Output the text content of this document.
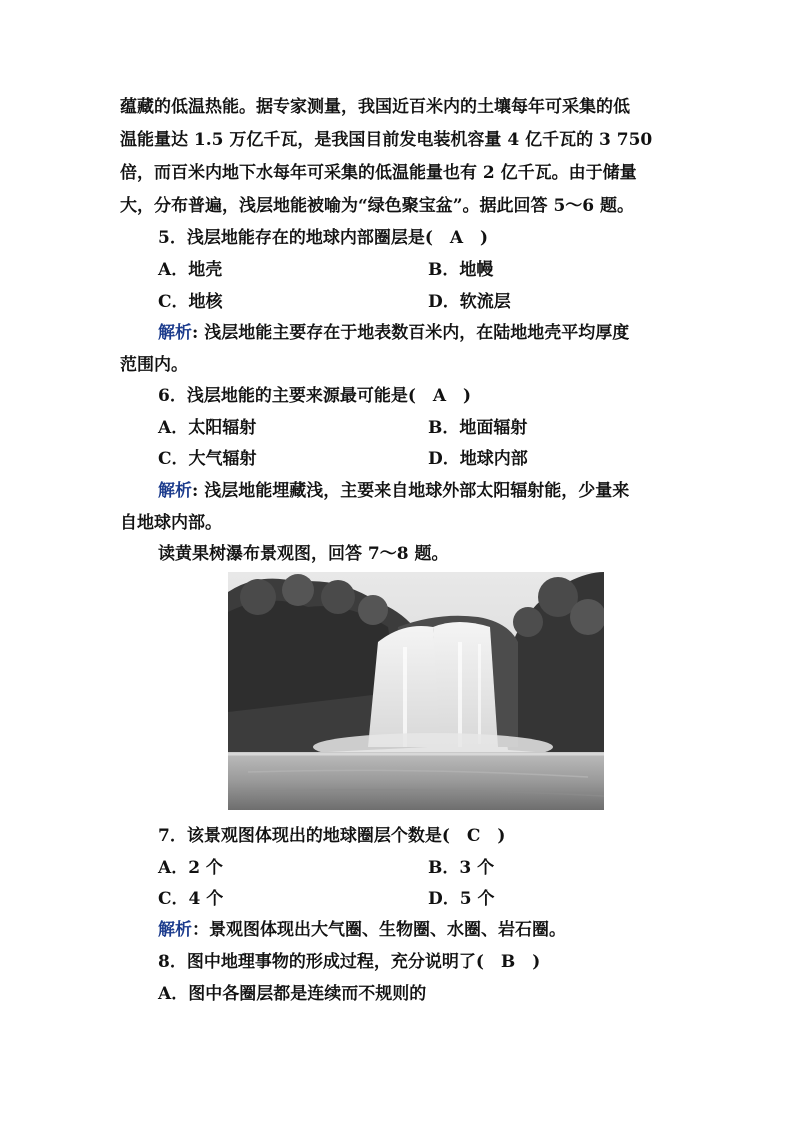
蕴藏的低温热能。据专家测量，我国近百米内的土壤每年可采集的低
温能量达 1.5 万亿千瓦，是我国目前发电装机容量 4 亿千瓦的 3 750
倍，而百米内地下水每年可采集的低温能量也有 2 亿千瓦。由于储量
大，分布普遍，浅层地能被喻为“绿色聚宝盆”。据此回答 5～6 题。
5．浅层地能存在的地球内部圈层是(　A　)
A．地壳	B．地幔
C．地核	D．软流层
解析: 浅层地能主要存在于地表数百米内，在陆地地壳平均厚度
范围内。
6．浅层地能的主要来源最可能是(　A　)
A．太阳辐射	B．地面辐射
C．大气辐射	D．地球内部
解析: 浅层地能埋藏浅，主要来自地球外部太阳辐射能，少量来
自地球内部。
读黄果树瀑布景观图，回答 7～8 题。
7．该景观图体现出的地球圈层个数是(　C　)
A．2 个	B．3 个
C．4 个	D．5 个
解析：景观图体现出大气圈、生物圈、水圈、岩石圈。
8．图中地理事物的形成过程，充分说明了(　B　)
A．图中各圈层都是连续而不规则的
